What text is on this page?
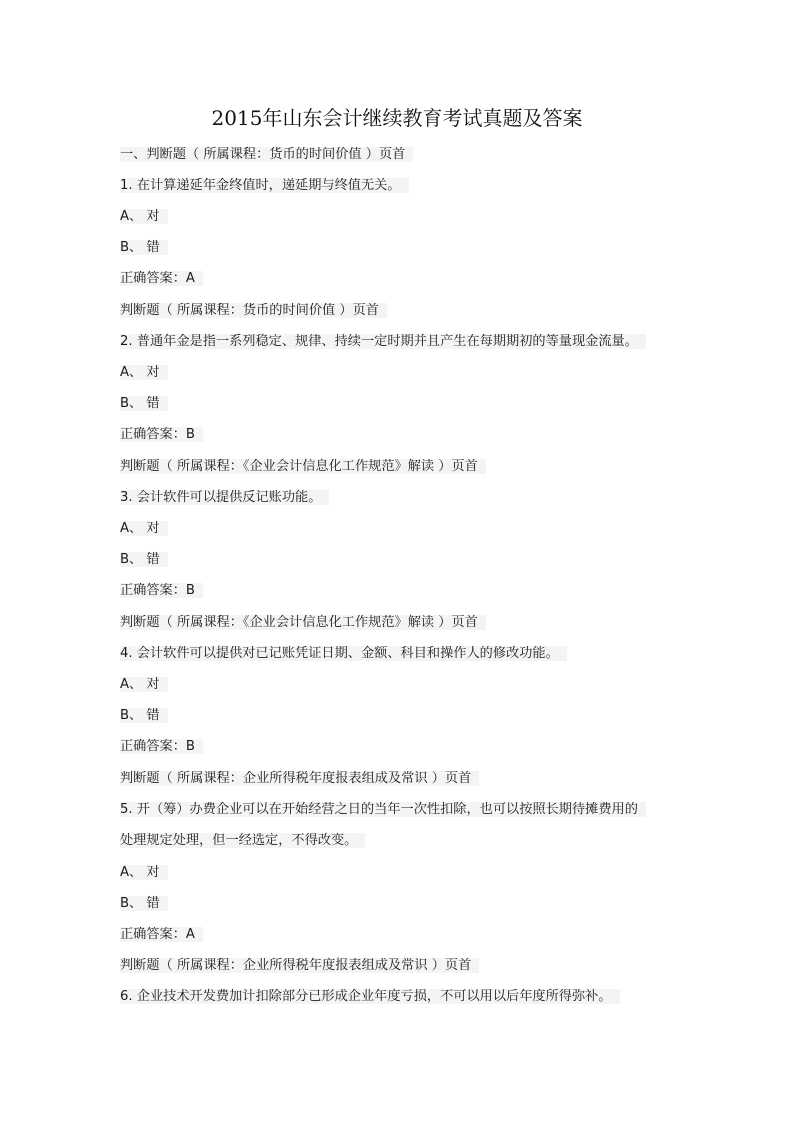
2015年山东会计继续教育考试真题及答案
一、判断题（ 所属课程：货币的时间价值 ）页首
1. 在计算递延年金终值时，递延期与终值无关。
A、 对
B、 错
正确答案：A
判断题（ 所属课程：货币的时间价值 ）页首
2. 普通年金是指一系列稳定、规律、持续一定时期并且产生在每期期初的等量现金流量。
A、 对
B、 错
正确答案：B
判断题（ 所属课程：《企业会计信息化工作规范》解读 ）页首
3. 会计软件可以提供反记账功能。
A、 对
B、 错
正确答案：B
判断题（ 所属课程：《企业会计信息化工作规范》解读 ）页首
4. 会计软件可以提供对已记账凭证日期、金额、科目和操作人的修改功能。
A、 对
B、 错
正确答案：B
判断题（ 所属课程：企业所得税年度报表组成及常识 ）页首
5. 开（筹）办费企业可以在开始经营之日的当年一次性扣除，也可以按照长期待摊费用的
处理规定处理，但一经选定，不得改变。
A、 对
B、 错
正确答案：A
判断题（ 所属课程：企业所得税年度报表组成及常识 ）页首
6. 企业技术开发费加计扣除部分已形成企业年度亏损，不可以用以后年度所得弥补。
